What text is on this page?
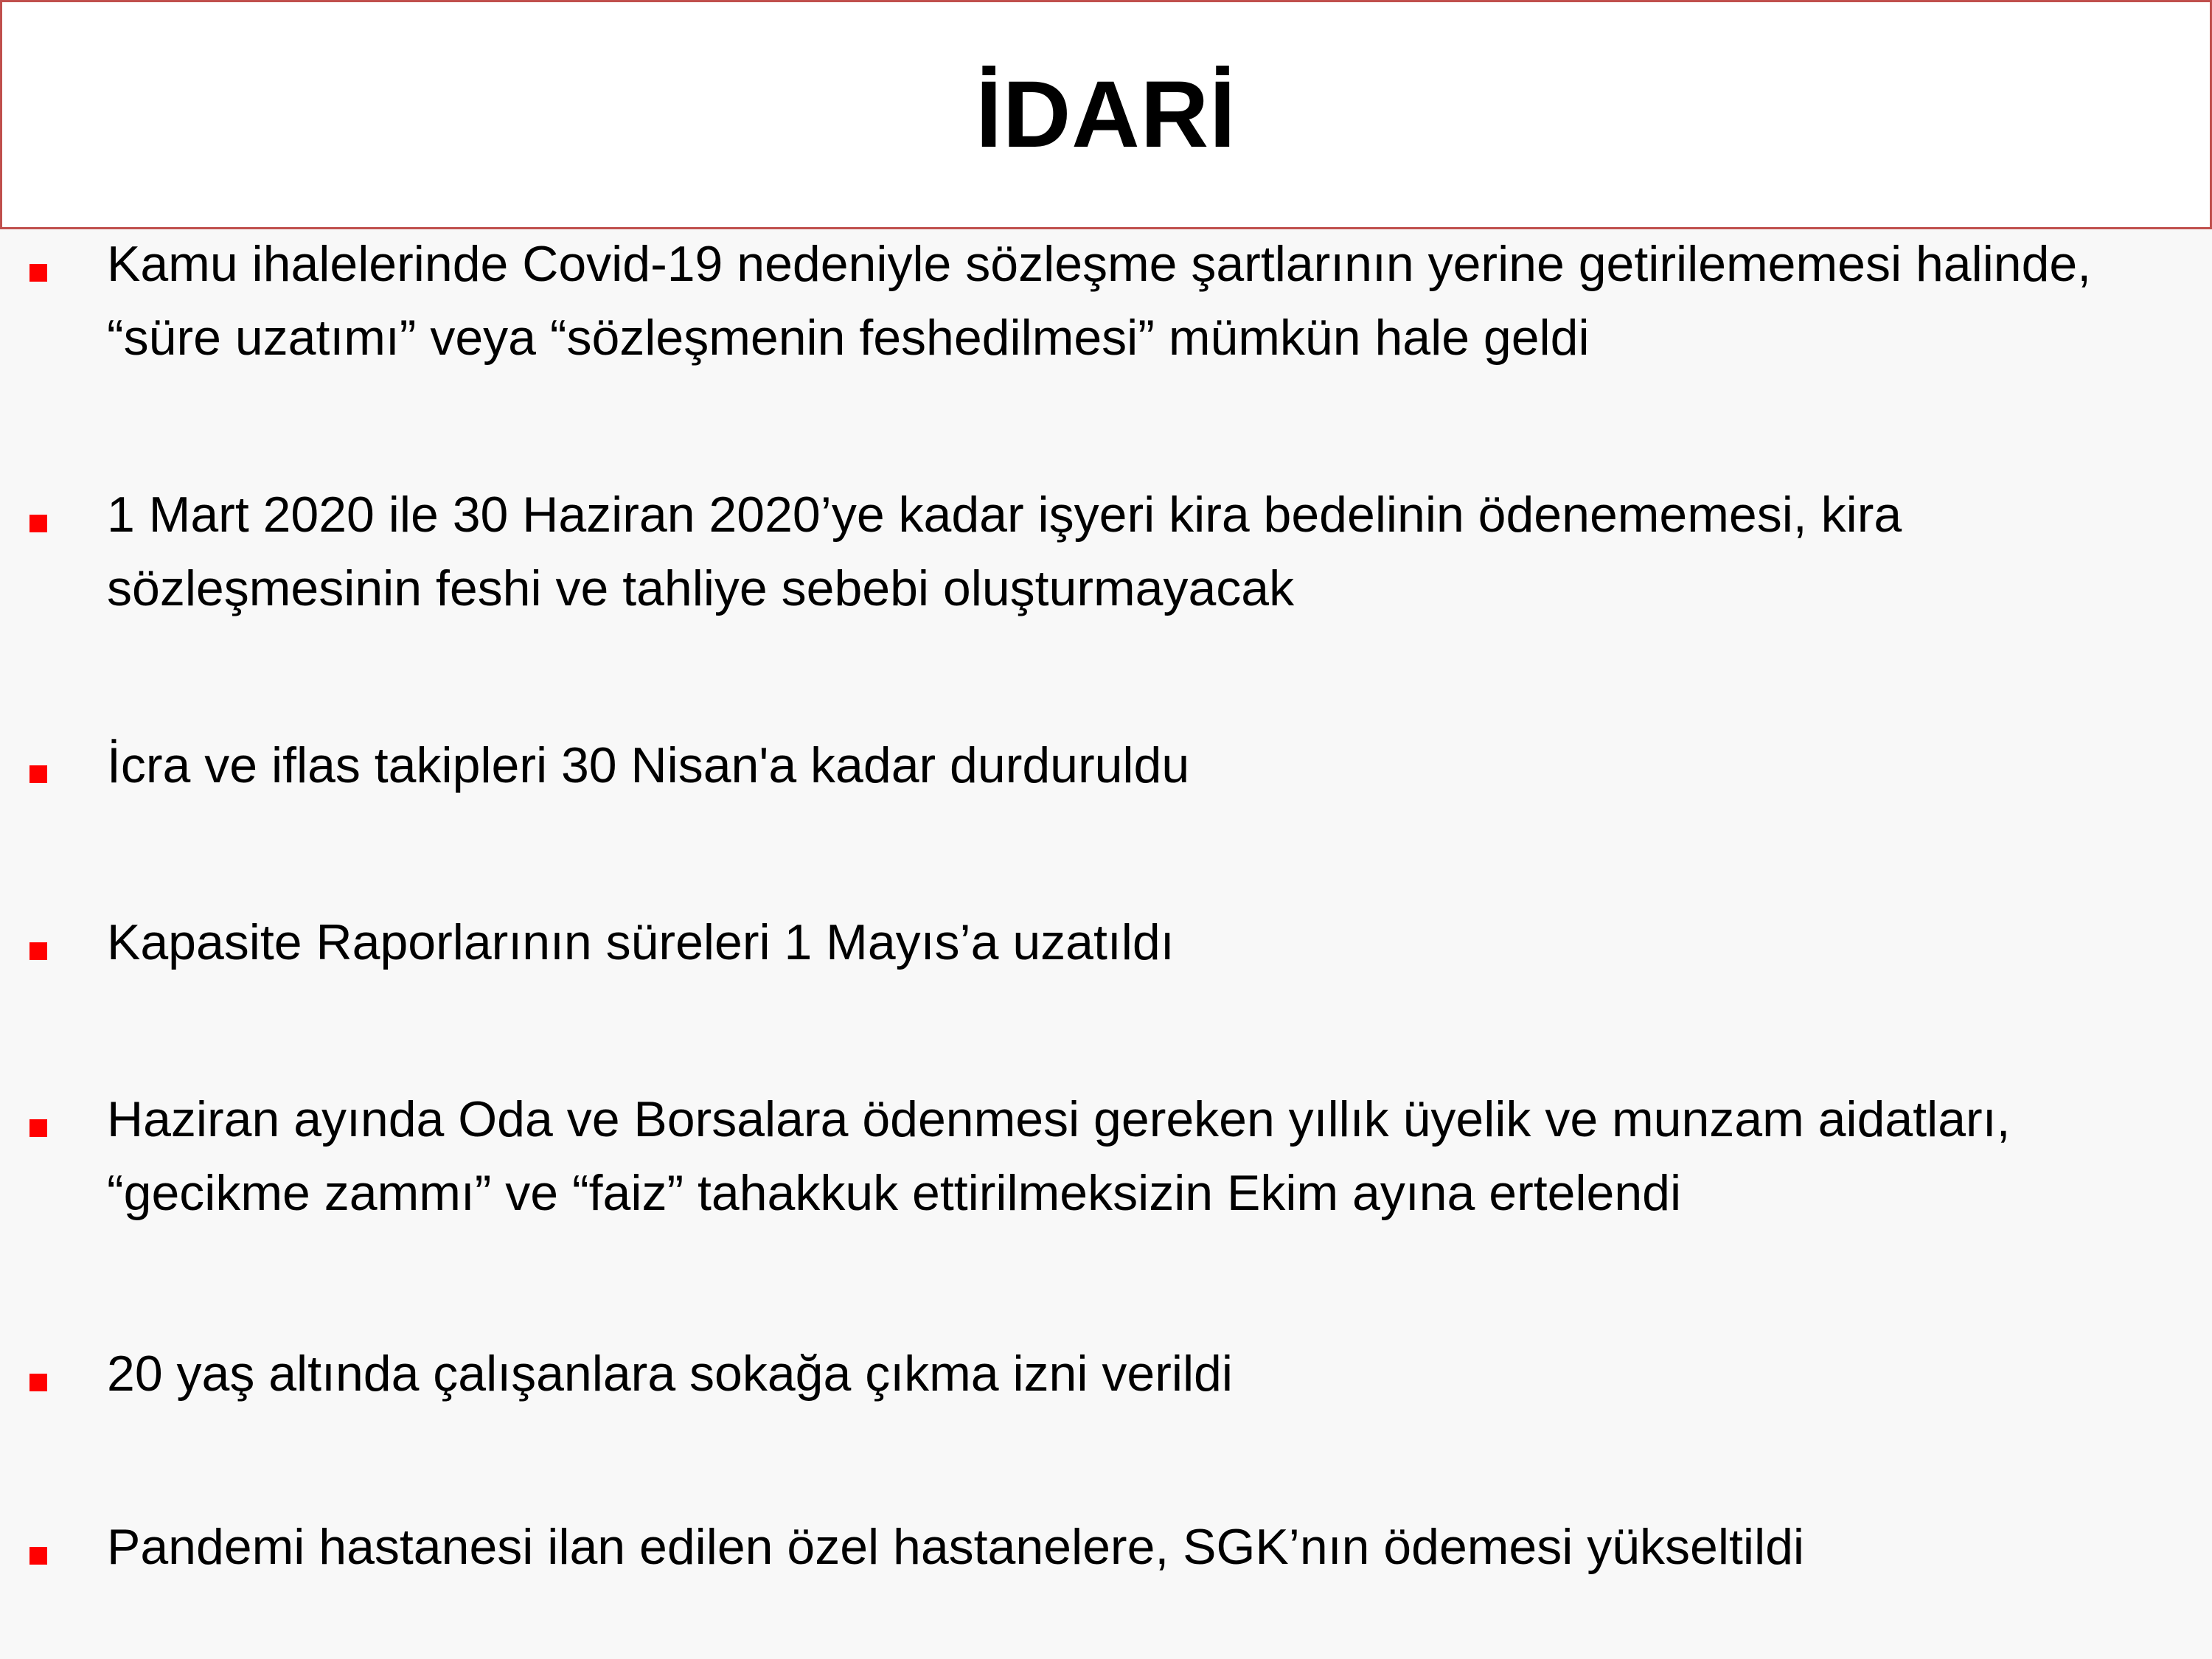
İDARİ

Kamu ihalelerinde Covid-19 nedeniyle sözleşme şartlarının yerine getirilememesi halinde, “süre uzatımı” veya “sözleşmenin feshedilmesi” mümkün hale geldi

1 Mart 2020 ile 30 Haziran 2020’ye kadar işyeri kira bedelinin ödenememesi, kira sözleşmesinin feshi ve tahliye sebebi oluşturmayacak

İcra ve iflas takipleri 30 Nisan'a kadar durduruldu

Kapasite Raporlarının süreleri 1 Mayıs’a uzatıldı

Haziran ayında Oda ve Borsalara ödenmesi gereken yıllık üyelik ve munzam aidatları, “gecikme zammı” ve “faiz” tahakkuk ettirilmeksizin Ekim ayına ertelendi

20 yaş altında çalışanlara sokağa çıkma izni verildi

Pandemi hastanesi ilan edilen özel hastanelere, SGK’nın ödemesi yükseltildi
